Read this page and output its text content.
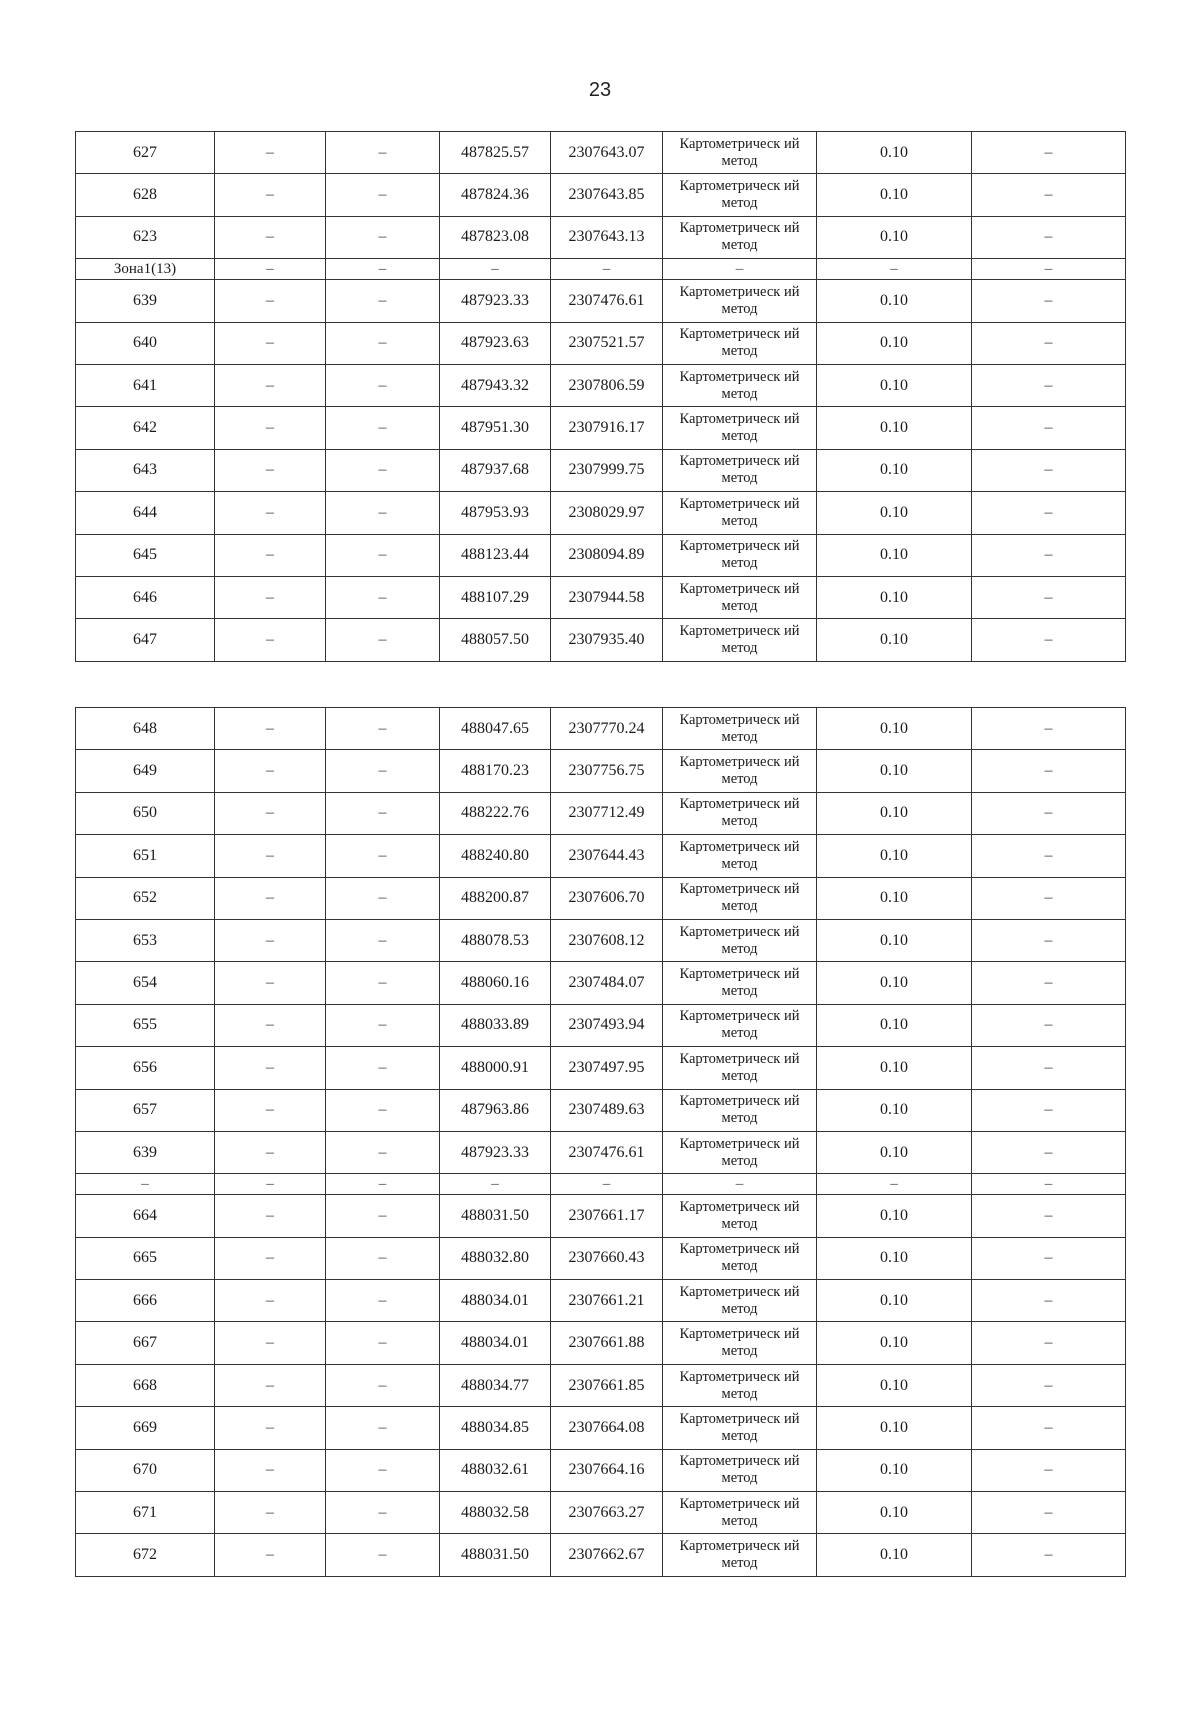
23
627	–	–	487825.57	2307643.07	Картометрическ ий метод	0.10	–
628	–	–	487824.36	2307643.85	Картометрическ ий метод	0.10	–
623	–	–	487823.08	2307643.13	Картометрическ ий метод	0.10	–
Зона1(13)	–	–	–	–	–	–	–
639	–	–	487923.33	2307476.61	Картометрическ ий метод	0.10	–
640	–	–	487923.63	2307521.57	Картометрическ ий метод	0.10	–
641	–	–	487943.32	2307806.59	Картометрическ ий метод	0.10	–
642	–	–	487951.30	2307916.17	Картометрическ ий метод	0.10	–
643	–	–	487937.68	2307999.75	Картометрическ ий метод	0.10	–
644	–	–	487953.93	2308029.97	Картометрическ ий метод	0.10	–
645	–	–	488123.44	2308094.89	Картометрическ ий метод	0.10	–
646	–	–	488107.29	2307944.58	Картометрическ ий метод	0.10	–
647	–	–	488057.50	2307935.40	Картометрическ ий метод	0.10	–
648	–	–	488047.65	2307770.24	Картометрическ ий метод	0.10	–
649	–	–	488170.23	2307756.75	Картометрическ ий метод	0.10	–
650	–	–	488222.76	2307712.49	Картометрическ ий метод	0.10	–
651	–	–	488240.80	2307644.43	Картометрическ ий метод	0.10	–
652	–	–	488200.87	2307606.70	Картометрическ ий метод	0.10	–
653	–	–	488078.53	2307608.12	Картометрическ ий метод	0.10	–
654	–	–	488060.16	2307484.07	Картометрическ ий метод	0.10	–
655	–	–	488033.89	2307493.94	Картометрическ ий метод	0.10	–
656	–	–	488000.91	2307497.95	Картометрическ ий метод	0.10	–
657	–	–	487963.86	2307489.63	Картометрическ ий метод	0.10	–
639	–	–	487923.33	2307476.61	Картометрическ ий метод	0.10	–
–	–	–	–	–	–	–	–
664	–	–	488031.50	2307661.17	Картометрическ ий метод	0.10	–
665	–	–	488032.80	2307660.43	Картометрическ ий метод	0.10	–
666	–	–	488034.01	2307661.21	Картометрическ ий метод	0.10	–
667	–	–	488034.01	2307661.88	Картометрическ ий метод	0.10	–
668	–	–	488034.77	2307661.85	Картометрическ ий метод	0.10	–
669	–	–	488034.85	2307664.08	Картометрическ ий метод	0.10	–
670	–	–	488032.61	2307664.16	Картометрическ ий метод	0.10	–
671	–	–	488032.58	2307663.27	Картометрическ ий метод	0.10	–
672	–	–	488031.50	2307662.67	Картометрическ ий метод	0.10	–
